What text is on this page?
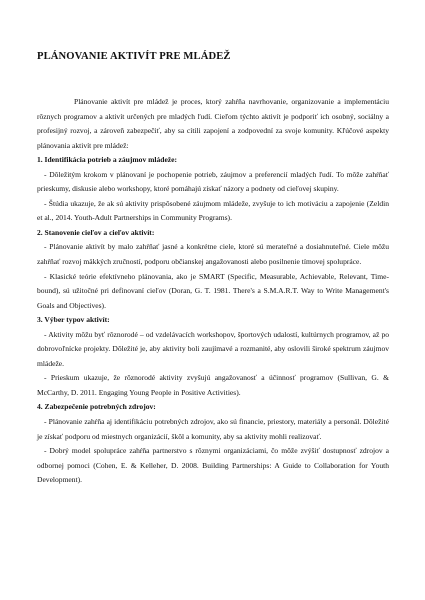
PLÁNOVANIE AKTIVÍT PRE MLÁDEŽ

Plánovanie aktivít pre mládež je proces, ktorý zahŕňa navrhovanie, organizovanie a implementáciu rôznych programov a aktivít určených pre mladých ľudí. Cieľom týchto aktivít je podporiť ich osobný, sociálny a profesijný rozvoj, a zároveň zabezpečiť, aby sa cítili zapojení a zodpovední za svoje komunity. Kľúčové aspekty plánovania aktivít pre mládež:

1. Identifikácia potrieb a záujmov mládeže:

- Dôležitým krokom v plánovaní je pochopenie potrieb, záujmov a preferencií mladých ľudí. To môže zahŕňať prieskumy, diskusie alebo workshopy, ktoré pomáhajú získať názory a podnety od cieľovej skupiny.

- Štúdia ukazuje, že ak sú aktivity prispôsobené záujmom mládeže, zvyšuje to ich motiváciu a zapojenie (Zeldin et al., 2014. Youth-Adult Partnerships in Community Programs).

2. Stanovenie cieľov a cieľov aktivít:

- Plánovanie aktivít by malo zahŕňať jasné a konkrétne ciele, ktoré sú merateľné a dosiahnuteľné. Ciele môžu zahŕňať rozvoj mäkkých zručností, podporu občianskej angažovanosti alebo posilnenie tímovej spolupráce.

- Klasické teórie efektívneho plánovania, ako je SMART (Specific, Measurable, Achievable, Relevant, Time-bound), sú užitočné pri definovaní cieľov (Doran, G. T. 1981. There's a S.M.A.R.T. Way to Write Management's Goals and Objectives).

3. Výber typov aktivít:

- Aktivity môžu byť rôznorodé – od vzdelávacích workshopov, športových udalostí, kultúrnych programov, až po dobrovoľnícke projekty. Dôležité je, aby aktivity boli zaujímavé a rozmanité, aby oslovili široké spektrum záujmov mládeže.

- Prieskum ukazuje, že rôznorodé aktivity zvyšujú angažovanosť a účinnosť programov (Sullivan, G. & McCarthy, D. 2011. Engaging Young People in Positive Activities).

4. Zabezpečenie potrebných zdrojov:

- Plánovanie zahŕňa aj identifikáciu potrebných zdrojov, ako sú financie, priestory, materiály a personál. Dôležité je získať podporu od miestnych organizácií, škôl a komunity, aby sa aktivity mohli realizovať.

- Dobrý model spolupráce zahŕňa partnerstvo s rôznymi organizáciami, čo môže zvýšiť dostupnosť zdrojov a odbornej pomoci (Cohen, E. & Kelleher, D. 2008. Building Partnerships: A Guide to Collaboration for Youth Development).
